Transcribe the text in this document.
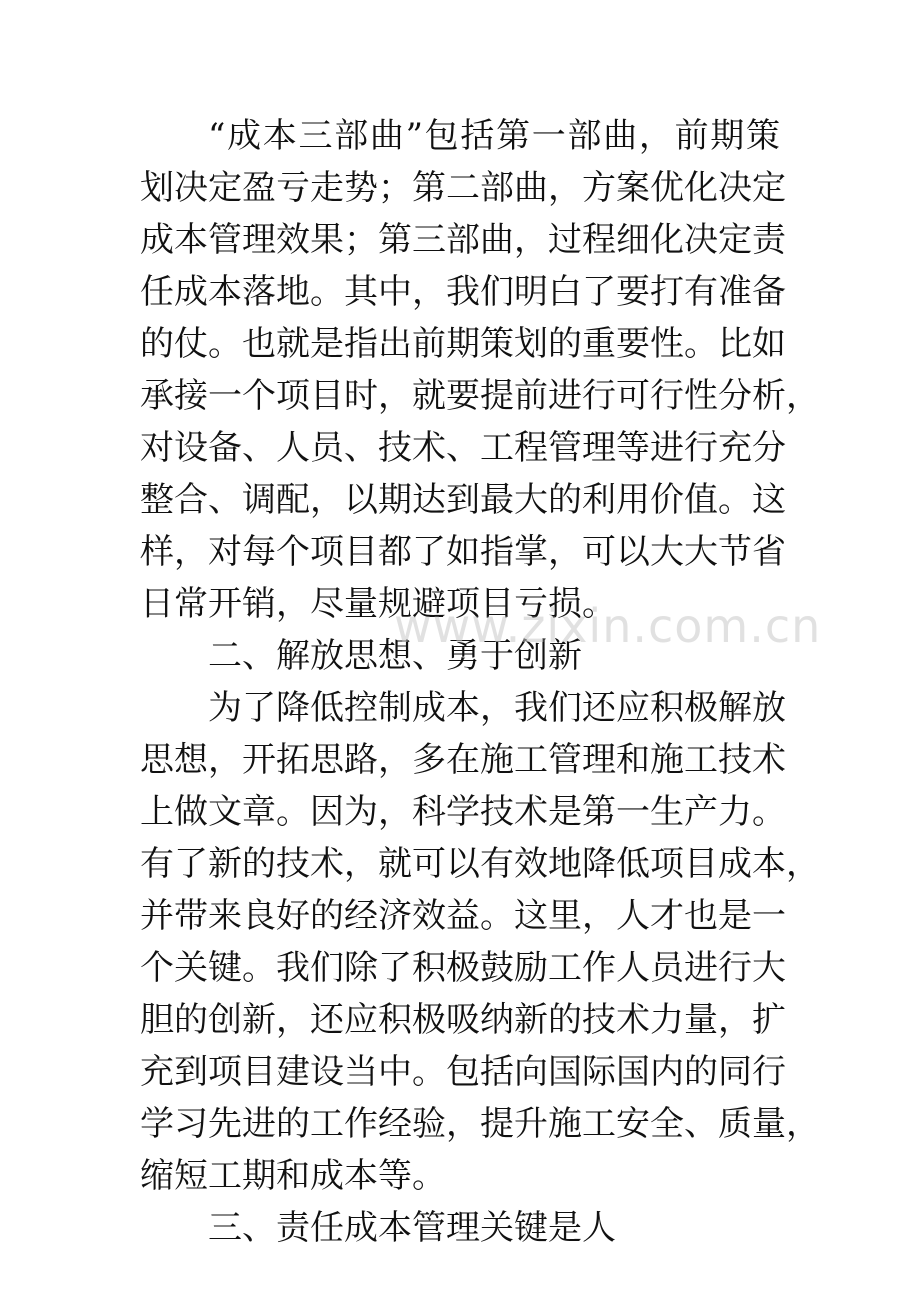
“成本三部曲”包括第一部曲，前期策
划决定盈亏走势；第二部曲，方案优化决定
成本管理效果；第三部曲，过程细化决定责
任成本落地。其中，我们明白了要打有准备
的仗。也就是指出前期策划的重要性。比如
承接一个项目时，就要提前进行可行性分析，
对设备、人员、技术、工程管理等进行充分
整合、调配，以期达到最大的利用价值。这
样，对每个项目都了如指掌，可以大大节省
日常开销，尽量规避项目亏损。
二、解放思想、勇于创新
为了降低控制成本，我们还应积极解放
思想，开拓思路，多在施工管理和施工技术
上做文章。因为，科学技术是第一生产力。
有了新的技术，就可以有效地降低项目成本，
并带来良好的经济效益。这里，人才也是一
个关键。我们除了积极鼓励工作人员进行大
胆的创新，还应积极吸纳新的技术力量，扩
充到项目建设当中。包括向国际国内的同行
学习先进的工作经验，提升施工安全、质量，
缩短工期和成本等。
三、责任成本管理关键是人
www.zixin.com.cn
